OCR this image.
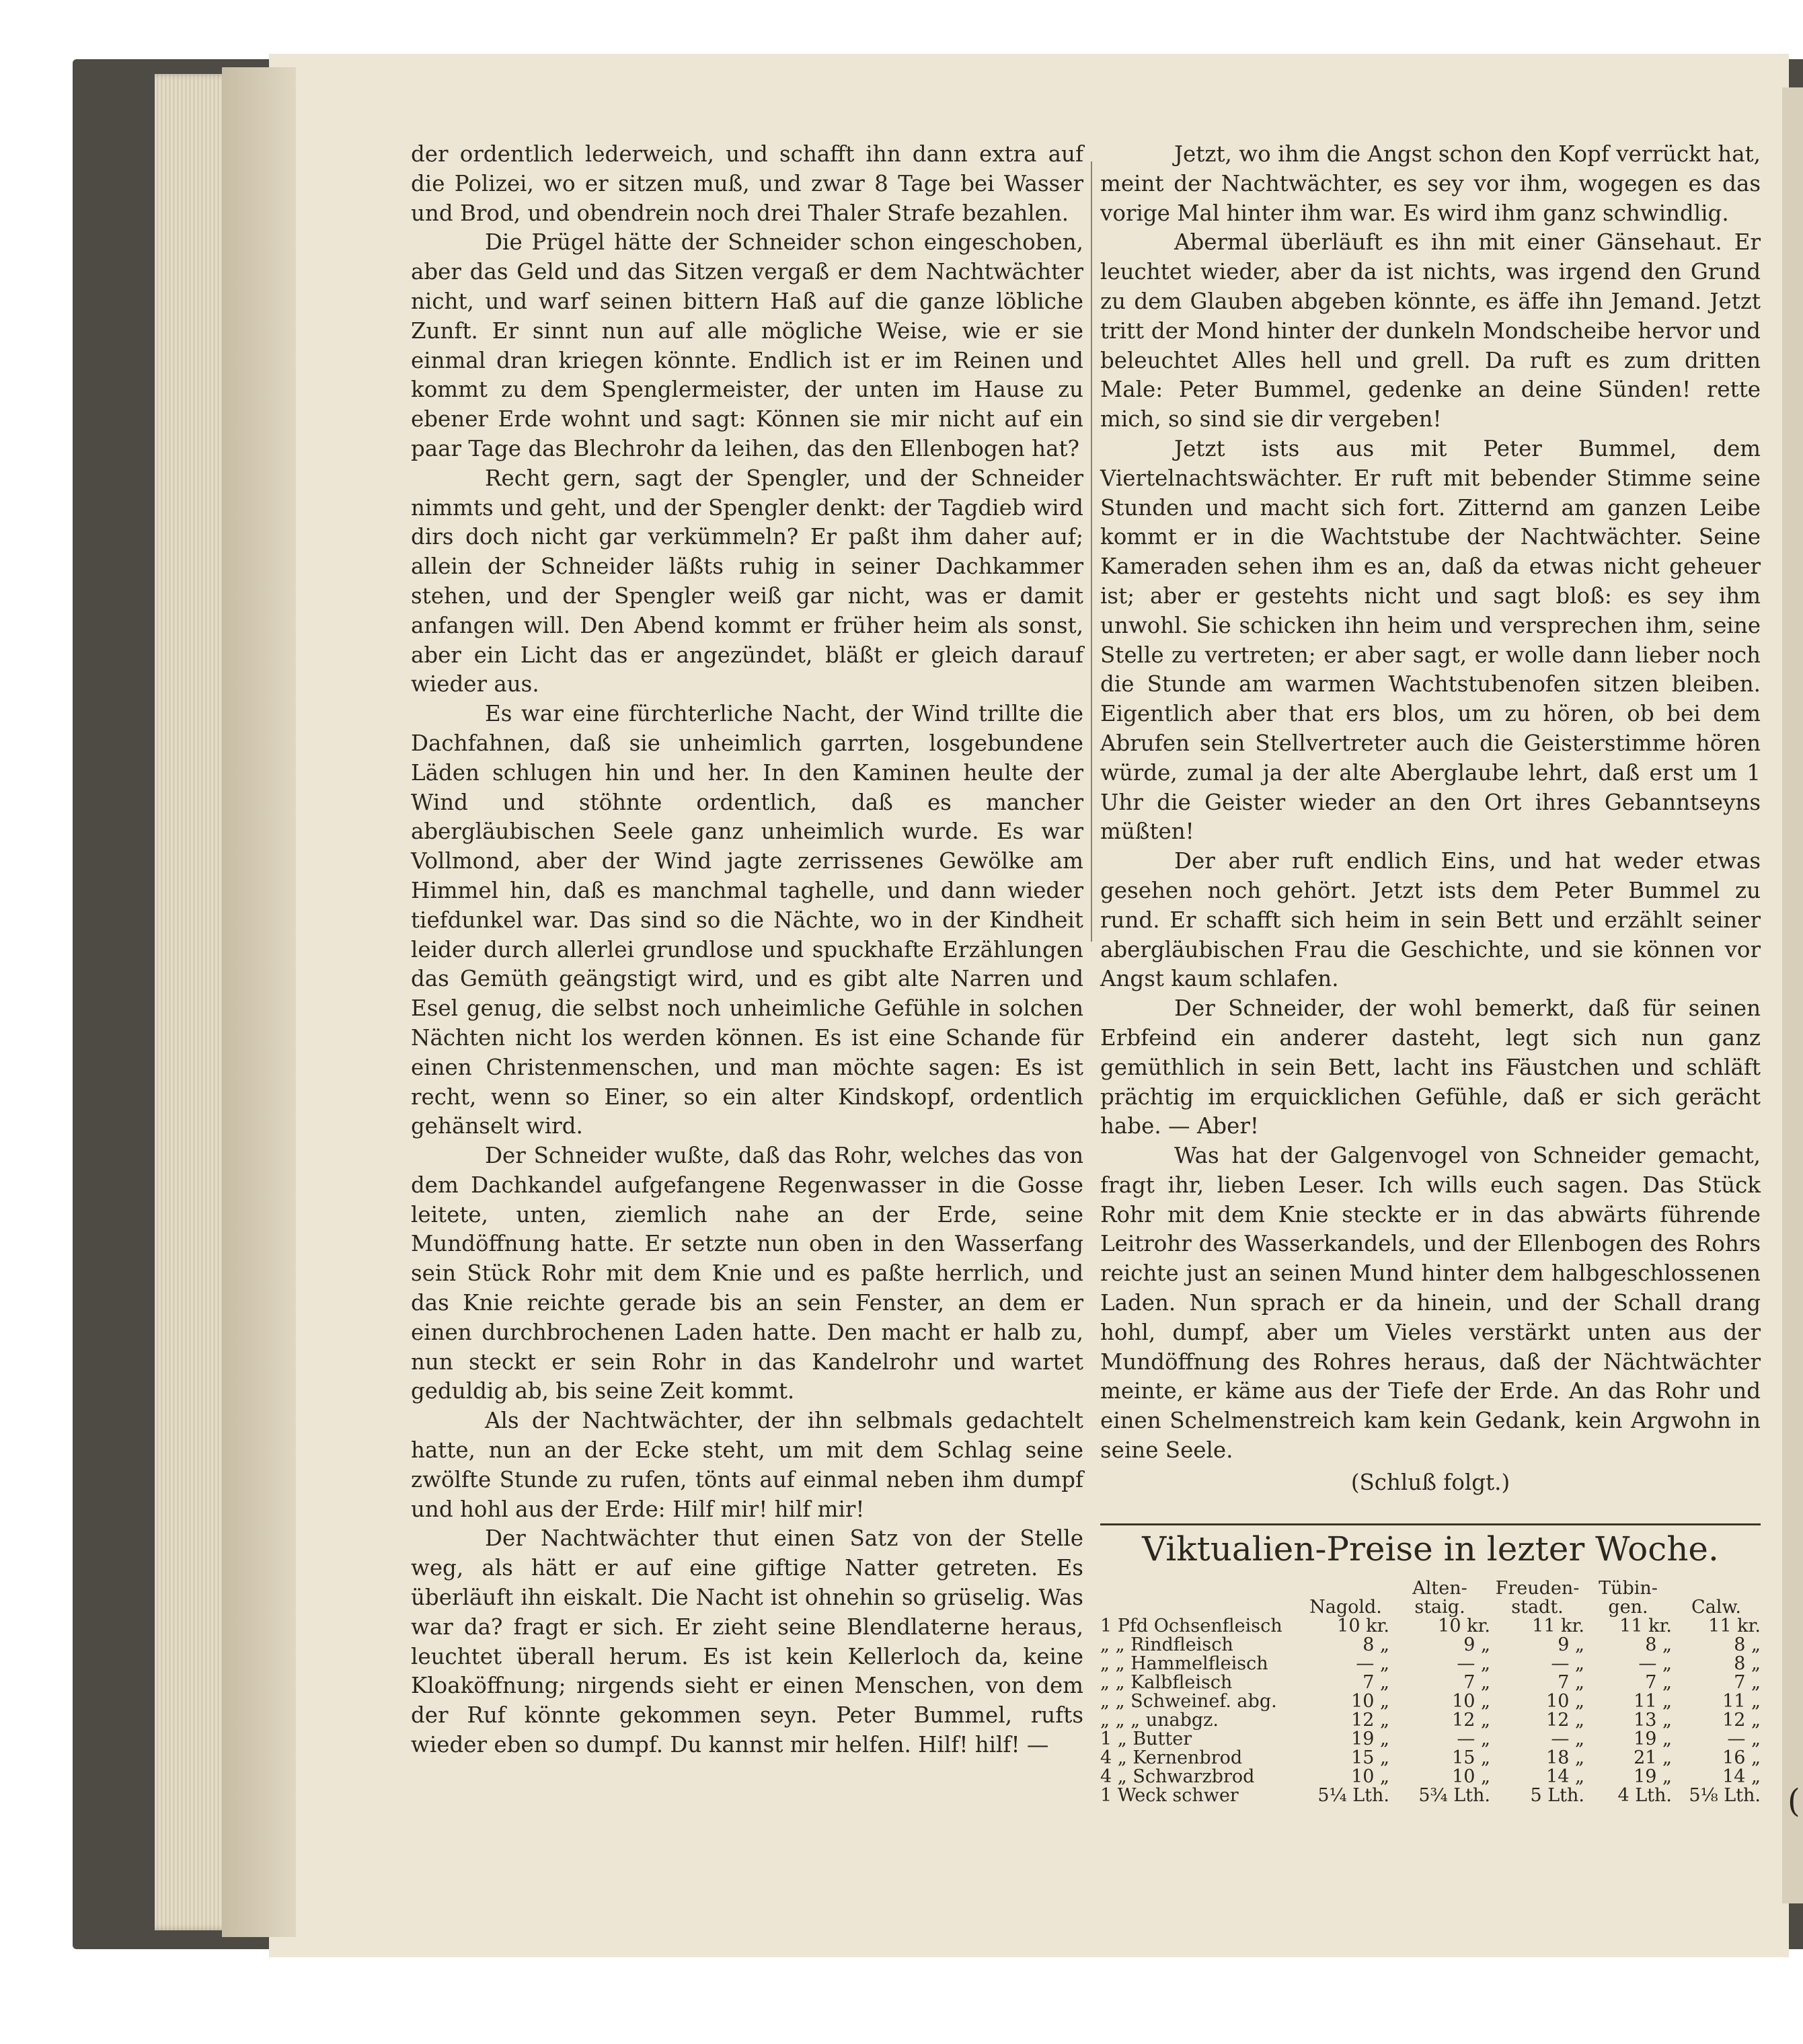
der ordentlich lederweich, und schafft ihn dann extra auf die Polizei, wo er sitzen muß, und zwar 8 Tage bei Wasser und Brod, und obendrein noch drei Thaler Strafe bezahlen.

Die Prügel hätte der Schneider schon eingeschoben, aber das Geld und das Sitzen vergaß er dem Nachtwächter nicht, und warf seinen bittern Haß auf die ganze löbliche Zunft. Er sinnt nun auf alle mögliche Weise, wie er sie einmal dran kriegen könnte. Endlich ist er im Reinen und kommt zu dem Spenglermeister, der unten im Hause zu ebener Erde wohnt und sagt: Können sie mir nicht auf ein paar Tage das Blechrohr da leihen, das den Ellenbogen hat?

Recht gern, sagt der Spengler, und der Schneider nimmts und geht, und der Spengler denkt: der Tagdieb wird dirs doch nicht gar verkümmeln? Er paßt ihm daher auf; allein der Schneider läßts ruhig in seiner Dachkammer stehen, und der Spengler weiß gar nicht, was er damit anfangen will. Den Abend kommt er früher heim als sonst, aber ein Licht das er angezündet, bläßt er gleich darauf wieder aus.

Es war eine fürchterliche Nacht, der Wind trillte die Dachfahnen, daß sie unheimlich garrten, losgebundene Läden schlugen hin und her. In den Kaminen heulte der Wind und stöhnte ordentlich, daß es mancher abergläubischen Seele ganz unheimlich wurde. Es war Vollmond, aber der Wind jagte zerrissenes Gewölke am Himmel hin, daß es manchmal taghelle, und dann wieder tiefdunkel war. Das sind so die Nächte, wo in der Kindheit leider durch allerlei grundlose und spuckhafte Erzählungen das Gemüth geängstigt wird, und es gibt alte Narren und Esel genug, die selbst noch unheimliche Gefühle in solchen Nächten nicht los werden können. Es ist eine Schande für einen Christenmenschen, und man möchte sagen: Es ist recht, wenn so Einer, so ein alter Kindskopf, ordentlich gehänselt wird.

Der Schneider wußte, daß das Rohr, welches das von dem Dachkandel aufgefangene Regenwasser in die Gosse leitete, unten, ziemlich nahe an der Erde, seine Mundöffnung hatte. Er setzte nun oben in den Wasserfang sein Stück Rohr mit dem Knie und es paßte herrlich, und das Knie reichte gerade bis an sein Fenster, an dem er einen durchbrochenen Laden hatte. Den macht er halb zu, nun steckt er sein Rohr in das Kandelrohr und wartet geduldig ab, bis seine Zeit kommt.

Als der Nachtwächter, der ihn selbmals gedachtelt hatte, nun an der Ecke steht, um mit dem Schlag seine zwölfte Stunde zu rufen, tönts auf einmal neben ihm dumpf und hohl aus der Erde: Hilf mir! hilf mir!

Der Nachtwächter thut einen Satz von der Stelle weg, als hätt er auf eine giftige Natter getreten. Es überläuft ihn eiskalt. Die Nacht ist ohnehin so grüselig. Was war da? fragt er sich. Er zieht seine Blendlaterne heraus, leuchtet überall herum. Es ist kein Kellerloch da, keine Kloaköffnung; nirgends sieht er einen Menschen, von dem der Ruf könnte gekommen seyn. Peter Bummel, rufts wieder eben so dumpf. Du kannst mir helfen. Hilf! hilf! —

Jetzt, wo ihm die Angst schon den Kopf verrückt hat, meint der Nachtwächter, es sey vor ihm, wogegen es das vorige Mal hinter ihm war. Es wird ihm ganz schwindlig.

Abermal überläuft es ihn mit einer Gänsehaut. Er leuchtet wieder, aber da ist nichts, was irgend den Grund zu dem Glauben abgeben könnte, es äffe ihn Jemand. Jetzt tritt der Mond hinter der dunkeln Mondscheibe hervor und beleuchtet Alles hell und grell. Da ruft es zum dritten Male: Peter Bummel, gedenke an deine Sünden! rette mich, so sind sie dir vergeben!

Jetzt ists aus mit Peter Bummel, dem Viertelnachtswächter. Er ruft mit bebender Stimme seine Stunden und macht sich fort. Zitternd am ganzen Leibe kommt er in die Wachtstube der Nachtwächter. Seine Kameraden sehen ihm es an, daß da etwas nicht geheuer ist; aber er gestehts nicht und sagt bloß: es sey ihm unwohl. Sie schicken ihn heim und versprechen ihm, seine Stelle zu vertreten; er aber sagt, er wolle dann lieber noch die Stunde am warmen Wachtstubenofen sitzen bleiben. Eigentlich aber that ers blos, um zu hören, ob bei dem Abrufen sein Stellvertreter auch die Geisterstimme hören würde, zumal ja der alte Aberglaube lehrt, daß erst um 1 Uhr die Geister wieder an den Ort ihres Gebanntseyns müßten!

Der aber ruft endlich Eins, und hat weder etwas gesehen noch gehört. Jetzt ists dem Peter Bummel zu rund. Er schafft sich heim in sein Bett und erzählt seiner abergläubischen Frau die Geschichte, und sie können vor Angst kaum schlafen.

Der Schneider, der wohl bemerkt, daß für seinen Erbfeind ein anderer dasteht, legt sich nun ganz gemüthlich in sein Bett, lacht ins Fäustchen und schläft prächtig im erquicklichen Gefühle, daß er sich gerächt habe. — Aber!

Was hat der Galgenvogel von Schneider gemacht, fragt ihr, lieben Leser. Ich wills euch sagen. Das Stück Rohr mit dem Knie steckte er in das abwärts führende Leitrohr des Wasserkandels, und der Ellenbogen des Rohrs reichte just an seinen Mund hinter dem halbgeschlossenen Laden. Nun sprach er da hinein, und der Schall drang hohl, dumpf, aber um Vieles verstärkt unten aus der Mundöffnung des Rohres heraus, daß der Nächtwächter meinte, er käme aus der Tiefe der Erde. An das Rohr und einen Schelmenstreich kam kein Gedank, kein Argwohn in seine Seele.

(Schluß folgt.)

Viktualien-Preise in lezter Woche.
	Nagold.	Alten-staig.	Freuden-stadt.	Tübin-gen.	Calw.
1 Pfd Ochsenfleisch	10 kr.	10 kr.	11 kr.	11 kr.	11 kr.
„ „ Rindfleisch	8 „	9 „	9 „	8 „	8 „
„ „ Hammelfleisch	— „	— „	— „	— „	8 „
„ „ Kalbfleisch	7 „	7 „	7 „	7 „	7 „
„ „ Schweinef. abg.	10 „	10 „	10 „	11 „	11 „
„ „ „ unabgz.	12 „	12 „	12 „	13 „	12 „
1 „ Butter	19 „	— „	— „	19 „	— „
4 „ Kernenbrod	15 „	15 „	18 „	21 „	16 „
4 „ Schwarzbrod	10 „	10 „	14 „	19 „	14 „
1 Weck schwer	5¼ Lth.	5¾ Lth.	5 Lth.	4 Lth.	5⅛ Lth. (
